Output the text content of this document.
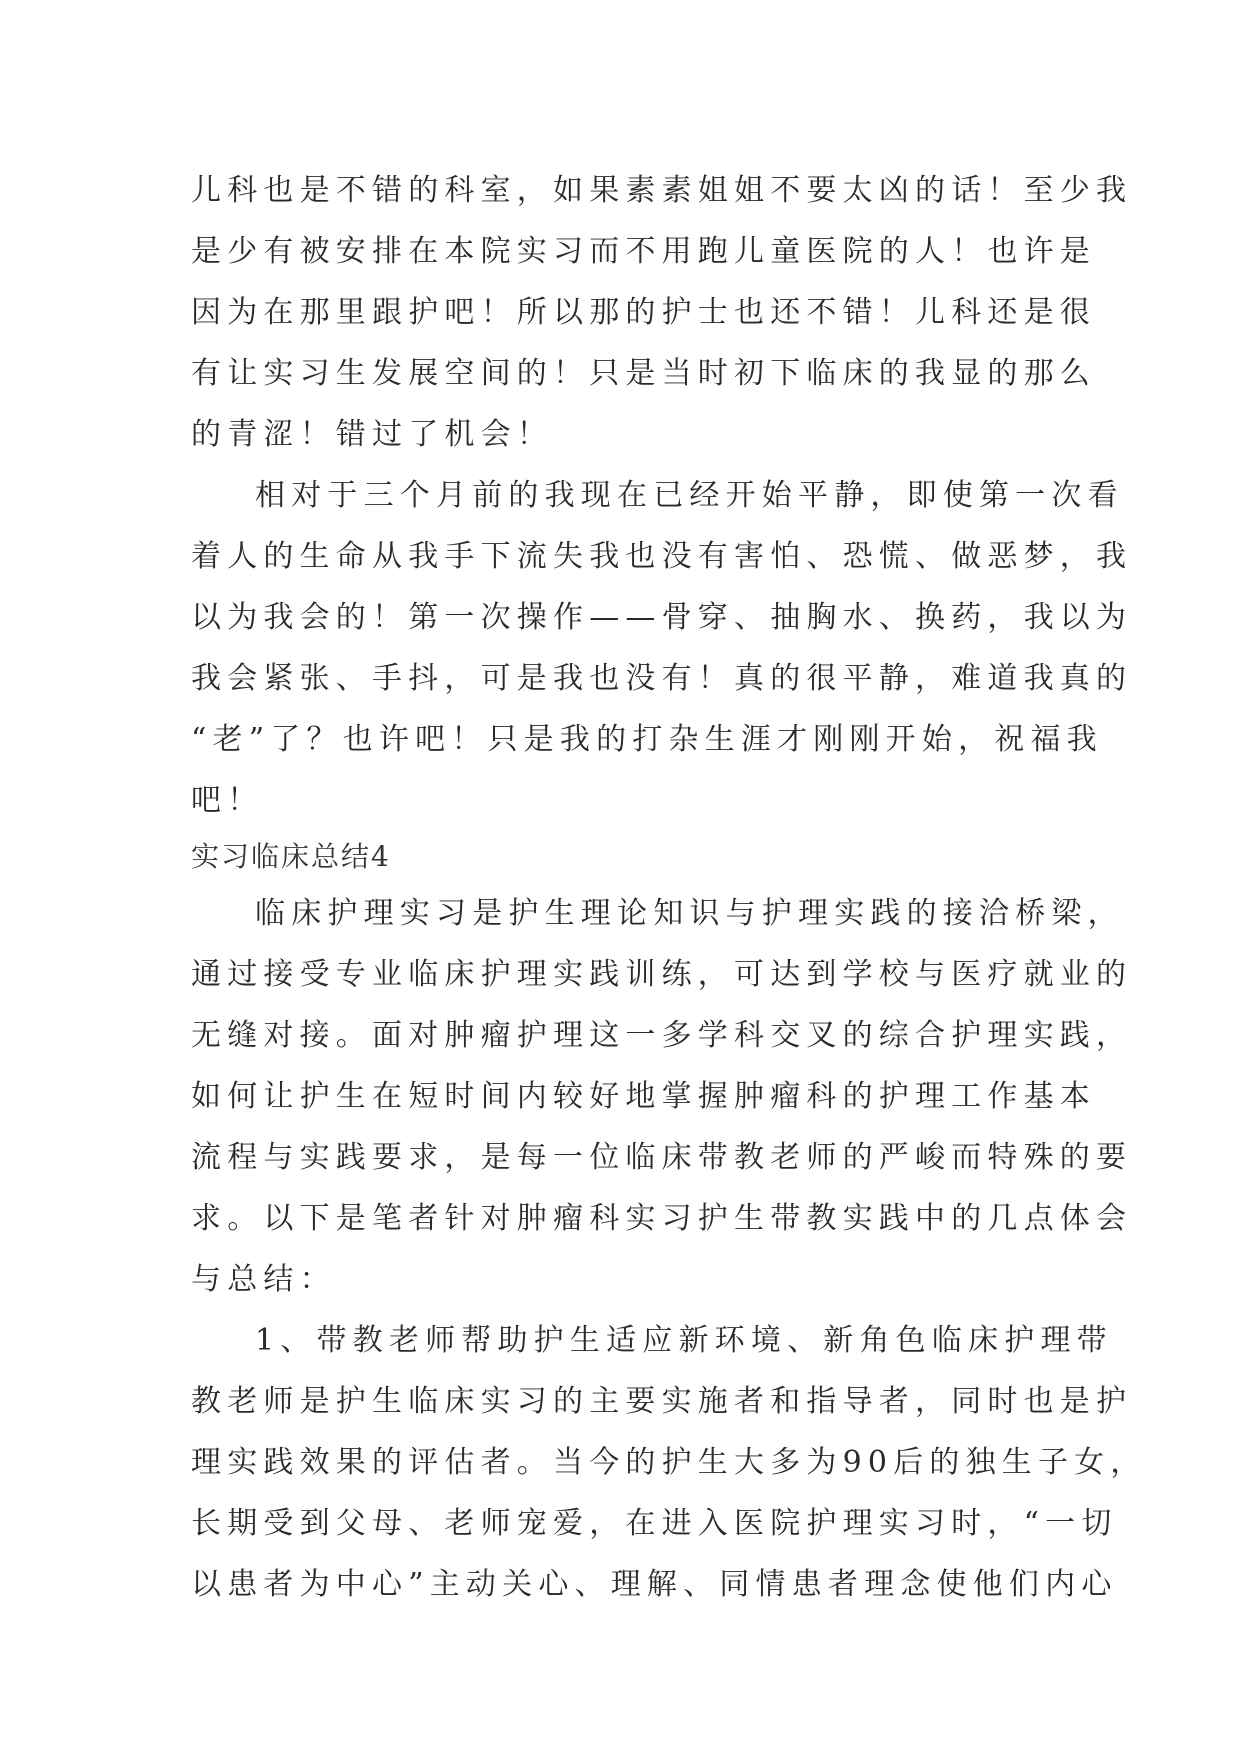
儿科也是不错的科室，如果素素姐姐不要太凶的话！至少我
是少有被安排在本院实习而不用跑儿童医院的人！也许是
因为在那里跟护吧！所以那的护士也还不错！儿科还是很
有让实习生发展空间的！只是当时初下临床的我显的那么
的青涩！错过了机会！
相对于三个月前的我现在已经开始平静，即使第一次看
着人的生命从我手下流失我也没有害怕、恐慌、做恶梦，我
以为我会的！第一次操作——骨穿、抽胸水、换药，我以为
我会紧张、手抖，可是我也没有！真的很平静，难道我真的
“老”了？也许吧！只是我的打杂生涯才刚刚开始，祝福我
吧！
实习临床总结4
临床护理实习是护生理论知识与护理实践的接洽桥梁，
通过接受专业临床护理实践训练，可达到学校与医疗就业的
无缝对接。面对肿瘤护理这一多学科交叉的综合护理实践，
如何让护生在短时间内较好地掌握肿瘤科的护理工作基本
流程与实践要求，是每一位临床带教老师的严峻而特殊的要
求。以下是笔者针对肿瘤科实习护生带教实践中的几点体会
与总结：
1、带教老师帮助护生适应新环境、新角色临床护理带
教老师是护生临床实习的主要实施者和指导者，同时也是护
理实践效果的评估者。当今的护生大多为90后的独生子女，
长期受到父母、老师宠爱，在进入医院护理实习时，“一切
以患者为中心”主动关心、理解、同情患者理念使他们内心
